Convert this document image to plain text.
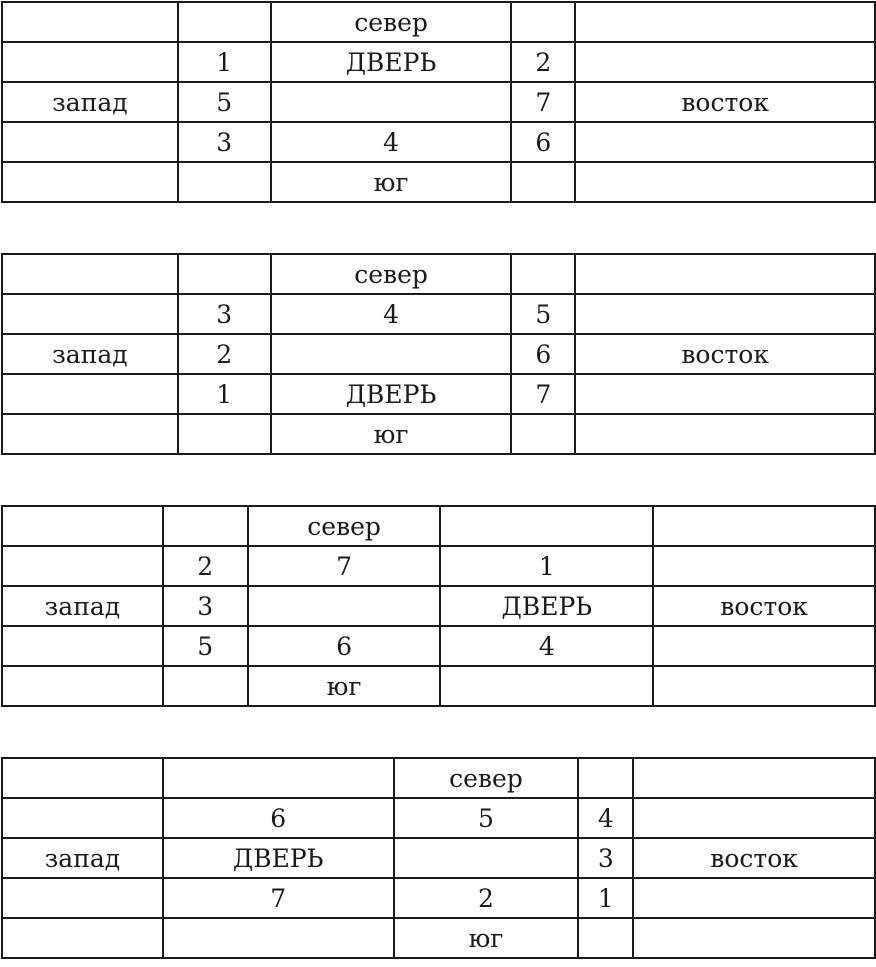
		север		
	1	ДВЕРЬ	2	
запад	5		7	восток
	3	4	6	
		юг		
		север		
	3	4	5	
запад	2		6	восток
	1	ДВЕРЬ	7	
		юг		
		север		
	2	7	1	
запад	3		ДВЕРЬ	восток
	5	6	4	
		юг		
		север		
	6	5	4	
запад	ДВЕРЬ		3	восток
	7	2	1	
		юг		
